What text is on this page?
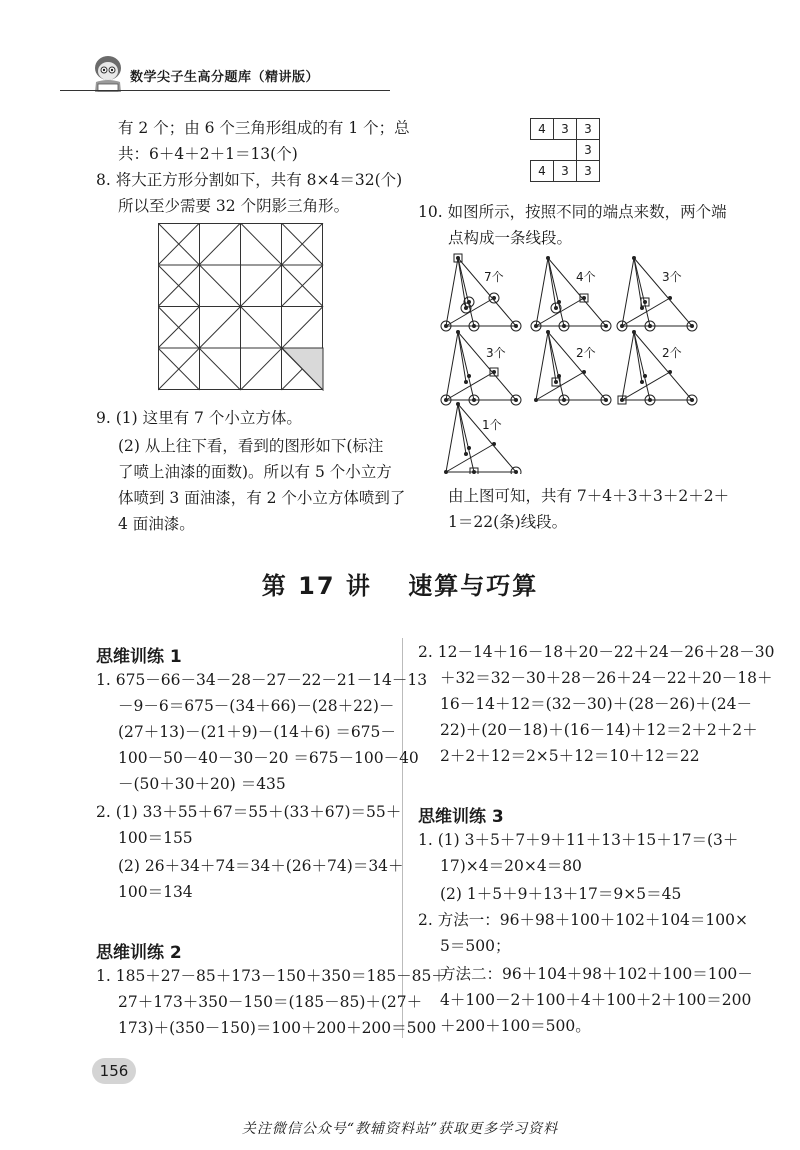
数学尖子生高分题库（精讲版）
有 2 个；由 6 个三角形组成的有 1 个；总
共：6＋4＋2＋1＝13(个)
8. 将大正方形分割如下，共有 8×4＝32(个)
所以至少需要 32 个阴影三角形。
9. (1) 这里有 7 个小立方体。
(2) 从上往下看，看到的图形如下(标注
了喷上油漆的面数)。所以有 5 个小立方
体喷到 3 面油漆，有 2 个小立方体喷到了
4 面油漆。
4	3	3
		3
4	3	3
10. 如图所示，按照不同的端点来数，两个端
点构成一条线段。
7个	4个	3个
3个	2个	2个
1个
由上图可知，共有 7＋4＋3＋3＋2＋2＋
1＝22(条)线段。
第 17 讲　 速算与巧算
思维训练 1
1. 675－66－34－28－27－22－21－14－13
－9－6＝675－(34＋66)－(28＋22)－
(27＋13)－(21＋9)－(14＋6) ＝675－
100－50－40－30－20 ＝675－100－40
－(50＋30＋20) ＝435
2. (1) 33＋55＋67＝55＋(33＋67)＝55＋
100＝155
(2) 26＋34＋74＝34＋(26＋74)＝34＋
100＝134
思维训练 2
1. 185＋27－85＋173－150＋350＝185－85＋
27＋173＋350－150＝(185－85)＋(27＋
173)＋(350－150)＝100＋200＋200＝500
2. 12－14＋16－18＋20－22＋24－26＋28－30
＋32＝32－30＋28－26＋24－22＋20－18＋
16－14＋12＝(32－30)＋(28－26)＋(24－
22)＋(20－18)＋(16－14)＋12＝2＋2＋2＋
2＋2＋12＝2×5＋12＝10＋12＝22
思维训练 3
1. (1) 3＋5＋7＋9＋11＋13＋15＋17＝(3＋
17)×4＝20×4＝80
(2) 1＋5＋9＋13＋17＝9×5＝45
2. 方法一：96＋98＋100＋102＋104＝100×
5＝500；
方法二：96＋104＋98＋102＋100＝100－
4＋100－2＋100＋4＋100＋2＋100＝200
＋200＋100＝500。
156
关注微信公众号“教辅资料站”获取更多学习资料
